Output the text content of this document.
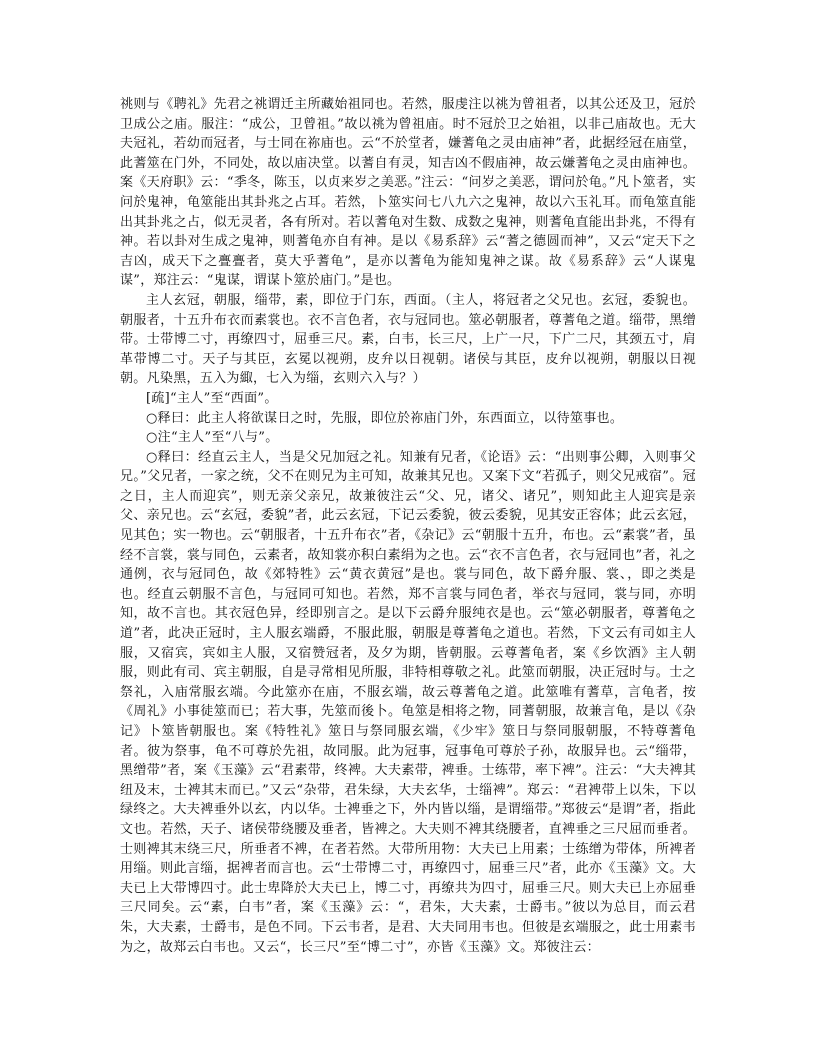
祧则与《聘礼》先君之祧谓迁主所藏始祖同也。若然，服虔注以祧为曾祖者，以其公还及卫，冠於卫成公之庙。服注：“成公，卫曾祖。”故以祧为曾祖庙。时不冠於卫之始祖，以非己庙故也。无大夫冠礼，若幼而冠者，与士同在祢庙也。云“不於堂者，嫌蓍龟之灵由庙神”者，此据经冠在庙堂，此蓍筮在门外，不同处，故以庙决堂。以蓍自有灵，知吉凶不假庙神，故云嫌蓍龟之灵由庙神也。案《天府职》云：“季冬，陈玉，以贞来岁之美恶。”注云：“问岁之美恶，谓问於龟。”凡卜筮者，实问於鬼神，龟筮能出其卦兆之占耳。若然，卜筮实问七八九六之鬼神，故以六玉礼耳。而龟筮直能出其卦兆之占，似无灵者，各有所对。若以蓍龟对生数、成数之鬼神，则蓍龟直能出卦兆，不得有神。若以卦对生成之鬼神，则蓍龟亦自有神。是以《易系辞》云“蓍之德圆而神”，又云“定天下之吉凶，成天下之亹亹者，莫大乎蓍龟”，是亦以蓍龟为能知鬼神之谋。故《易系辞》云“人谋鬼谋”，郑注云：“鬼谋，谓谋卜筮於庙门。”是也。

主人玄冠，朝服，缁带，素，即位于门东，西面。（主人，将冠者之父兄也。玄冠，委貌也。朝服者，十五升布衣而素裳也。衣不言色者，衣与冠同也。筮必朝服者，尊蓍龟之道。缁带，黑缯带。士带博二寸，再缭四寸，屈垂三尺。素，白韦，长三尺，上广一尺，下广二尺，其颈五寸，肩革带博二寸。天子与其臣，玄冕以视朔，皮弁以日视朝。诸侯与其臣，皮弁以视朔，朝服以日视朝。凡染黑，五入为緅，七入为缁，玄则六入与？）

[疏]“主人”至“西面”。

○释曰：此主人将欲谋日之时，先服，即位於祢庙门外，东西面立，以待筮事也。

○注“主人”至“八与”。

○释曰：经直云主人，当是父兄加冠之礼。知兼有兄者，《论语》云：“出则事公卿，入则事父兄。”父兄者，一家之统，父不在则兄为主可知，故兼其兄也。又案下文“若孤子，则父兄戒宿”。冠之日，主人而迎宾”，则无亲父亲兄，故兼彼注云“父、兄，诸父、诸兄”，则知此主人迎宾是亲父、亲兄也。云“玄冠，委貌”者，此云玄冠，下记云委貌，彼云委貌，见其安正容体；此云玄冠，见其色；实一物也。云“朝服者，十五升布衣”者，《杂记》云“朝服十五升，布也。云“素裳”者，虽经不言裳，裳与同色，云素者，故知裳亦积白素绢为之也。云“衣不言色者，衣与冠同也”者，礼之通例，衣与冠同色，故《郊特牲》云“黄衣黄冠”是也。裳与同色，故下爵弁服、裳、，即之类是也。经直云朝服不言色，与冠同可知也。若然，郑不言裳与同色者，举衣与冠同，裳与同，亦明知，故不言也。其衣冠色异，经即别言之。是以下云爵弁服纯衣是也。云“筮必朝服者，尊蓍龟之道”者，此决正冠时，主人服玄端爵，不服此服，朝服是尊蓍龟之道也。若然，下文云有司如主人服，又宿宾，宾如主人服，又宿赞冠者，及夕为期，皆朝服。云尊蓍龟者，案《乡饮酒》主人朝服，则此有司、宾主朝服，自是寻常相见所服，非特相尊敬之礼。此筮而朝服，决正冠时与。士之祭礼，入庙常服玄端。今此筮亦在庙，不服玄端，故云尊蓍龟之道。此筮唯有蓍草，言龟者，按《周礼》小事徒筮而已；若大事，先筮而後卜。龟筮是相将之物，同蓍朝服，故兼言龟，是以《杂记》卜筮皆朝服也。案《特牲礼》筮日与祭同服玄端，《少牢》筮日与祭同服朝服，不特尊蓍龟者。彼为祭事，龟不可尊於先祖，故同服。此为冠事，冠事龟可尊於子孙，故服异也。云“缁带，黑缯带”者，案《玉藻》云“君素带，终裨。大夫素带，裨垂。士练带，率下裨”。注云：“大夫裨其纽及末，士裨其末而已。”又云“杂带，君朱绿，大夫玄华，士缁裨”。郑云：“君裨带上以朱，下以绿终之。大夫裨垂外以玄，内以华。士裨垂之下，外内皆以缁，是谓缁带。”郑彼云“是谓”者，指此文也。若然，天子、诸侯带绕腰及垂者，皆裨之。大夫则不裨其绕腰者，直裨垂之三尺屈而垂者。士则裨其末绕三尺，所垂者不裨，在者若然。大带所用物：大夫已上用素；士练缯为带体，所裨者用缁。则此言缁，据裨者而言也。云“士带博二寸，再缭四寸，屈垂三尺”者，此亦《玉藻》文。大夫已上大带博四寸。此士卑降於大夫已上，博二寸，再缭共为四寸，屈垂三尺。则大夫已上亦屈垂三尺同矣。云“素，白韦”者，案《玉藻》云：“，君朱，大夫素，士爵韦。”彼以为总目，而云君朱，大夫素，士爵韦，是色不同。下云韦者，是君、大夫同用韦也。但彼是玄端服之，此士用素韦为之，故郑云白韦也。又云“，长三尺”至“博二寸”，亦皆《玉藻》文。郑彼注云：
